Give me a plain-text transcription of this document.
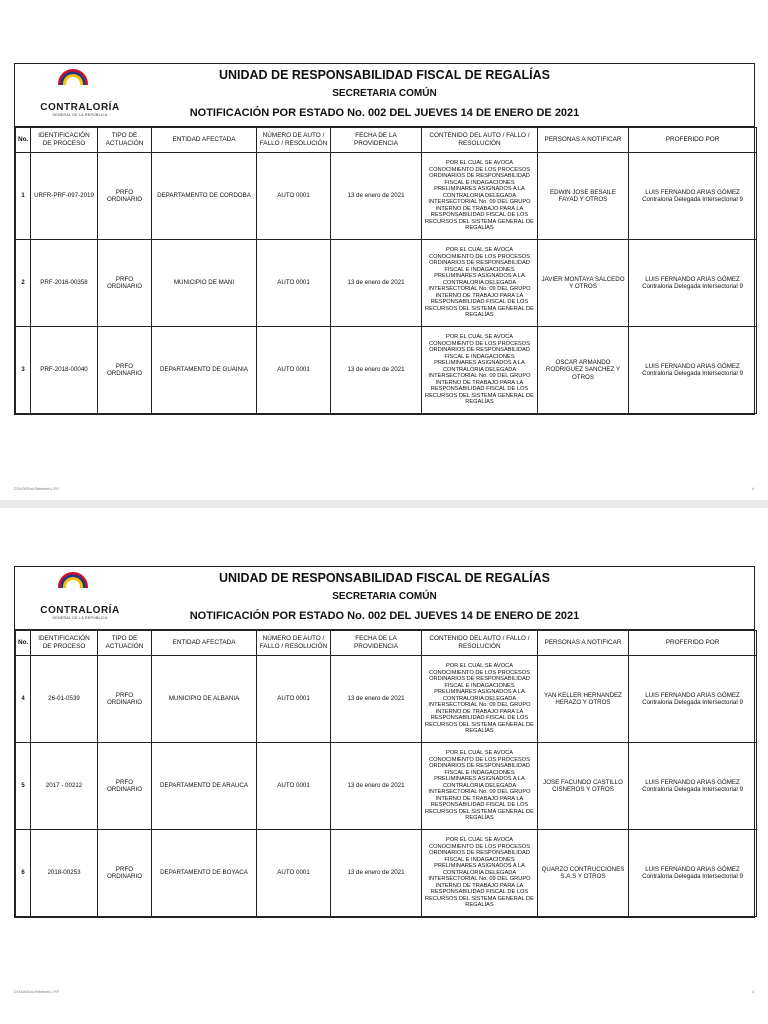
CONTRALORÍA
GENERAL DE LA REPÚBLICA
UNIDAD DE RESPONSABILIDAD FISCAL DE REGALÍAS
SECRETARIA COMÚN
NOTIFICACIÓN POR ESTADO No. 002 DEL JUEVES 14 DE ENERO DE 2021
No.	IDENTIFICACIÓN DE PROCESO	TIPO DE ACTUACIÓN	ENTIDAD AFECTADA	NÚMERO DE AUTO / FALLO / RESOLUCIÓN	FECHA DE LA PROVIDENCIA	CONTENIDO DEL AUTO / FALLO / RESOLUCIÓN	PERSONAS A NOTIFICAR	PROFERIDO POR
1	URFR-PRF-097-2019	PRFO ORDINARIO	DEPARTAMENTO DE CORDOBA	AUTO 0001	13 de enero de 2021	POR EL CUAL SE AVOCA CONOCIMIENTO DE LOS PROCESOS ORDINARIOS DE RESPONSABILIDAD FISCAL E INDAGACIONES PRELIMINARES ASIGNADOS A LA CONTRALORIA DELEGADA INTERSECTORIAL No. 09 DEL GRUPO INTERNO DE TRABAJO PARA LA RESPONSABILIDAD FISCAL DE LOS RECURSOS DEL SISTEMA GENERAL DE REGALÍAS	EDWIN JOSE BESAILE FAYAD Y OTROS	LUIS FERNANDO ARIAS GÓMEZ
Contraloria Delegada Intersectorial 9

2	PRF-2016-00358	PRFO ORDINARIO	MUNICIPIO DE MANI	AUTO 0001	13 de enero de 2021	POR EL CUAL SE AVOCA CONOCIMIENTO DE LOS PROCESOS ORDINARIOS DE RESPONSABILIDAD FISCAL E INDAGACIONES PRELIMINARES ASIGNADOS A LA CONTRALORIA DELEGADA INTERSECTORIAL No. 09 DEL GRUPO INTERNO DE TRABAJO PARA LA RESPONSABILIDAD FISCAL DE LOS RECURSOS DEL SISTEMA GENERAL DE REGALÍAS	JAVIER MONTAYA SALCEDO Y OTROS	LUIS FERNANDO ARIAS GÓMEZ
Contraloria Delegada Intersectorial 9

3	PRF-2018-00040	PRFO ORDINARIO	DEPARTAMENTO DE GUAINIA	AUTO 0001	13 de enero de 2021	POR EL CUAL SE AVOCA CONOCIMIENTO DE LOS PROCESOS ORDINARIOS DE RESPONSABILIDAD FISCAL E INDAGACIONES PRELIMINARES ASIGNADOS A LA CONTRALORIA DELEGADA INTERSECTORIAL No. 09 DEL GRUPO INTERNO DE TRABAJO PARA LA RESPONSABILIDAD FISCAL DE LOS RECURSOS DEL SISTEMA GENERAL DE REGALÍAS	OSCAR ARMANDO RODRIGUEZ SANCHEZ Y OTROS	LUIS FERNANDO ARIAS GÓMEZ
Contraloria Delegada Intersectorial 9
DTAIOGSocl.Reletestrl.L.P.P.	4
CONTRALORÍA
GENERAL DE LA REPÚBLICA
UNIDAD DE RESPONSABILIDAD FISCAL DE REGALÍAS
SECRETARIA COMÚN
NOTIFICACIÓN POR ESTADO No. 002 DEL JUEVES 14 DE ENERO DE 2021
No.	IDENTIFICACIÓN DE PROCESO	TIPO DE ACTUACIÓN	ENTIDAD AFECTADA	NÚMERO DE AUTO / FALLO / RESOLUCIÓN	FECHA DE LA PROVIDENCIA	CONTENIDO DEL AUTO / FALLO / RESOLUCIÓN	PERSONAS A NOTIFICAR	PROFERIDO POR
4	26-01-0539	PRFO ORDINARIO	MUNICIPIO DE ALBANIA	AUTO 0001	13 de enero de 2021	POR EL CUAL SE AVOCA CONOCIMIENTO DE LOS PROCESOS ORDINARIOS DE RESPONSABILIDAD FISCAL E INDAGACIONES PRELIMINARES ASIGNADOS A LA CONTRALORIA DELEGADA INTERSECTORIAL No. 09 DEL GRUPO INTERNO DE TRABAJO PARA LA RESPONSABILIDAD FISCAL DE LOS RECURSOS DEL SISTEMA GENERAL DE REGALÍAS	YAN KELLER HERNANDEZ HERAZO Y OTROS	LUIS FERNANDO ARIAS GÓMEZ
Contraloria Delegada Intersectorial 9

5	2017 - 00212	PRFO ORDINARIO	DEPARTAMENTO DE ARAUCA	AUTO 0001	13 de enero de 2021	POR EL CUAL SE AVOCA CONOCIMIENTO DE LOS PROCESOS ORDINARIOS DE RESPONSABILIDAD FISCAL E INDAGACIONES PRELIMINARES ASIGNADOS A LA CONTRALORIA DELEGADA INTERSECTORIAL No. 09 DEL GRUPO INTERNO DE TRABAJO PARA LA RESPONSABILIDAD FISCAL DE LOS RECURSOS DEL SISTEMA GENERAL DE REGALÍAS	JOSE FACUNDO CASTILLO CISNEROS Y OTROS	LUIS FERNANDO ARIAS GÓMEZ
Contraloria Delegada Intersectorial 9

6	2018-00253	PRFO ORDINARIO	DEPARTAMENTO DE BOYACA	AUTO 0001	13 de enero de 2021	POR EL CUAL SE AVOCA CONOCIMIENTO DE LOS PROCESOS ORDINARIOS DE RESPONSABILIDAD FISCAL E INDAGACIONES PRELIMINARES ASIGNADOS A LA CONTRALORIA DELEGADA INTERSECTORIAL No. 09 DEL GRUPO INTERNO DE TRABAJO PARA LA RESPONSABILIDAD FISCAL DE LOS RECURSOS DEL SISTEMA GENERAL DE REGALÍAS	QUARZO CONTRUCCIONES S.A.S Y OTROS	LUIS FERNANDO ARIAS GÓMEZ
Contraloria Delegada Intersectorial 9
DTAIOGSocl.Reletestrl.L.P.P.	4
